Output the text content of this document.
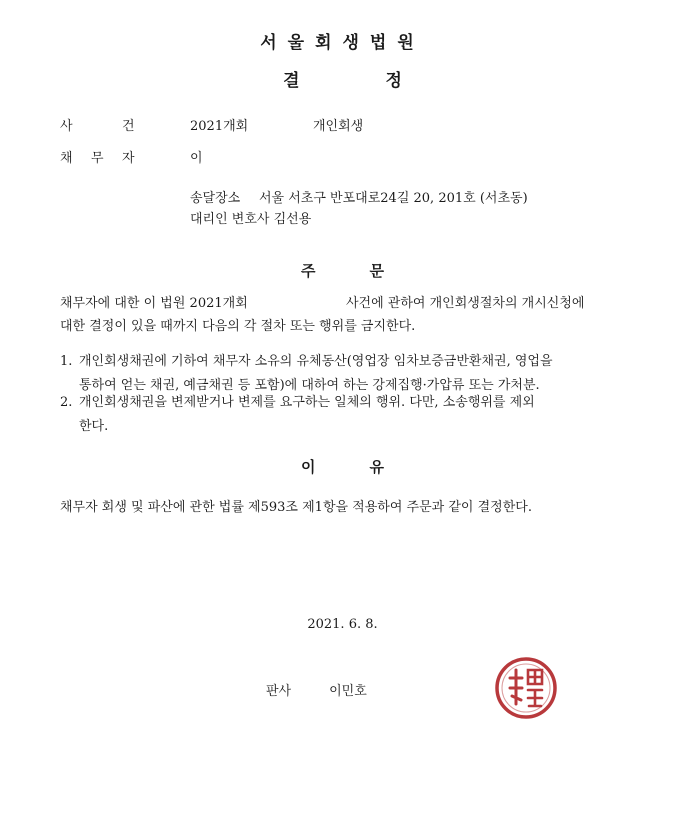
서울회생법원
결	정
사	건	2021개회	개인회생
채 무 자	이
송달장소 서울 서초구 반포대로24길 20, 201호 (서초동)
대리인 변호사 김선용
주	문
채무자에 대한 이 법원 2021개회	사건에 관하여 개인회생절차의 개시신청에
대한 결정이 있을 때까지 다음의 각 절차 또는 행위를 금지한다.
1. 개인회생채권에 기하여 채무자 소유의 유체동산(영업장 임차보증금반환채권, 영업을
통하여 얻는 채권, 예금채권 등 포함)에 대하여 하는 강제집행·가압류 또는 가처분.
2. 개인회생채권을 변제받거나 변제를 요구하는 일체의 행위. 다만, 소송행위를 제외
한다.
이	유
채무자 회생 및 파산에 관한 법률 제593조 제1항을 적용하여 주문과 같이 결정한다.
2021. 6. 8.
판사	이민호
